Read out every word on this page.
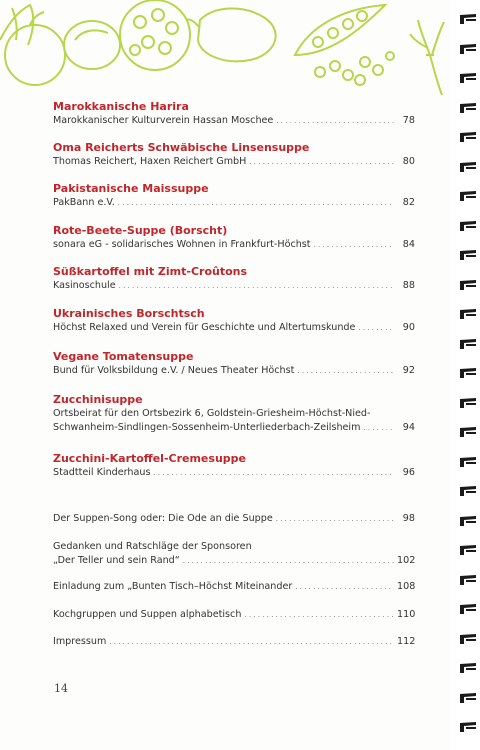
Marokkanische Harira
Marokkanischer Kulturverein Hassan Moschee . . .	78
Oma Reicherts Schwäbische Linsensuppe
Thomas Reichert, Haxen Reichert GmbH . . .	80
Pakistanische Maissuppe
PakBann e.V. . . .	82
Rote-Beete-Suppe (Borscht)
sonara eG - solidarisches Wohnen in Frankfurt-Höchst . . .	84
Süßkartoffel mit Zimt-Croûtons
Kasinoschule . . .	88
Ukrainisches Borschtsch
Höchst Relaxed und Verein für Geschichte und Altertumskunde . . .	90
Vegane Tomatensuppe
Bund für Volksbildung e.V. / Neues Theater Höchst . . .	92
Zucchinisuppe
Ortsbeirat für den Ortsbezirk 6, Goldstein-Griesheim-Höchst-Nied-
Schwanheim-Sindlingen-Sossenheim-Unterliederbach-Zeilsheim . . .	94
Zucchini-Kartoffel-Cremesuppe
Stadtteil Kinderhaus . . .	96
Der Suppen-Song oder: Die Ode an die Suppe . . .	98
Gedanken und Ratschläge der Sponsoren
„Der Teller und sein Rand“ . . .	102
Einladung zum „Bunten Tisch–Höchst Miteinander . . .	108
Kochgruppen und Suppen alphabetisch . . .	110
Impressum . . .	112
14
